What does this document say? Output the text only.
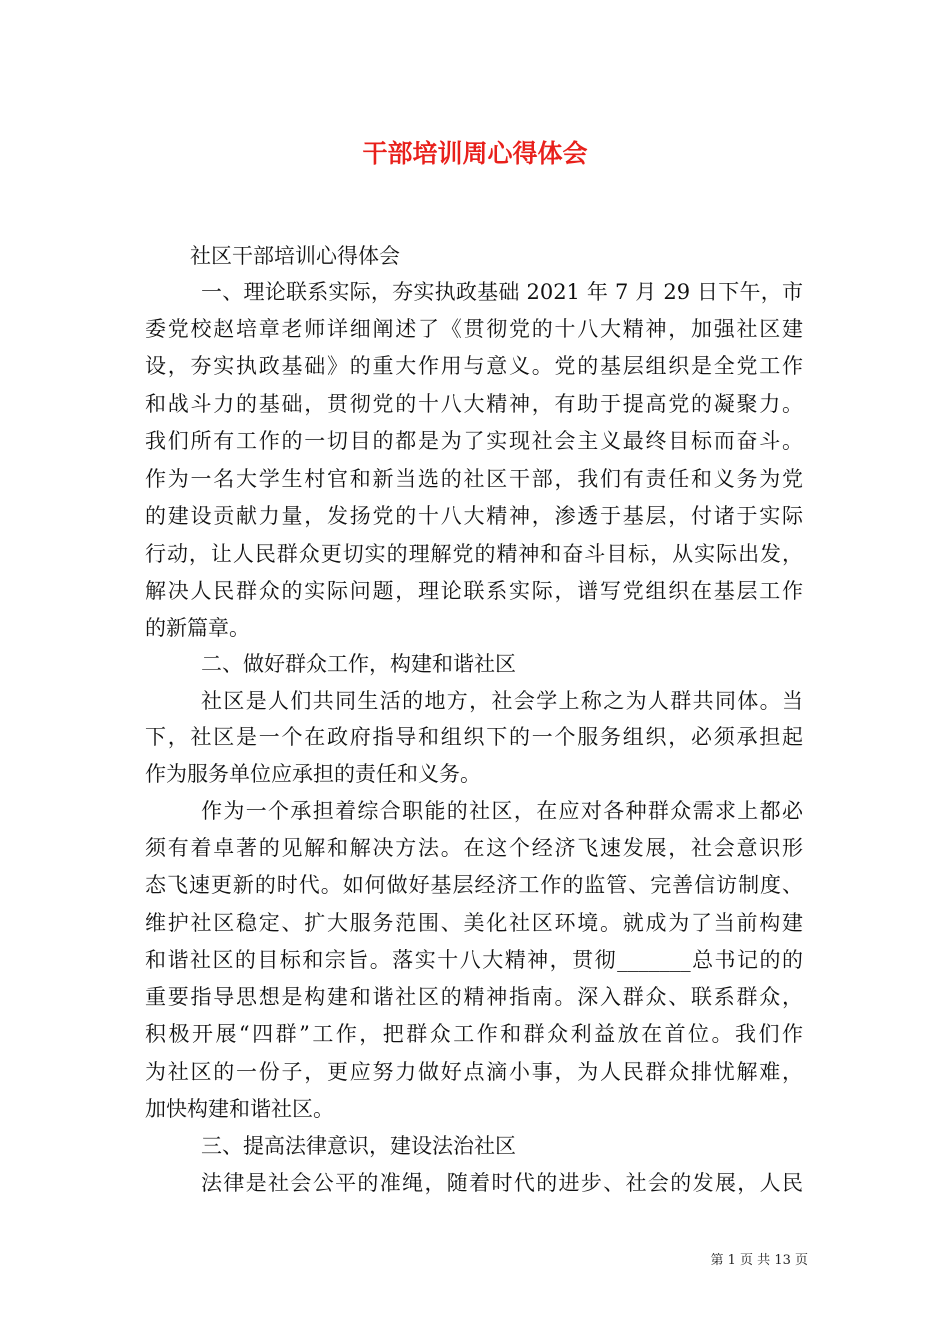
干部培训周心得体会
社区干部培训心得体会
一、理论联系实际，夯实执政基础 2021 年 7 月 29 日下午，市
委党校赵培章老师详细阐述了《贯彻党的十八大精神，加强社区建
设，夯实执政基础》的重大作用与意义。党的基层组织是全党工作
和战斗力的基础，贯彻党的十八大精神，有助于提高党的凝聚力。
我们所有工作的一切目的都是为了实现社会主义最终目标而奋斗。
作为一名大学生村官和新当选的社区干部，我们有责任和义务为党
的建设贡献力量，发扬党的十八大精神，渗透于基层，付诸于实际
行动，让人民群众更切实的理解党的精神和奋斗目标，从实际出发，
解决人民群众的实际问题，理论联系实际，谱写党组织在基层工作
的新篇章。
二、做好群众工作，构建和谐社区
社区是人们共同生活的地方，社会学上称之为人群共同体。当
下，社区是一个在政府指导和组织下的一个服务组织，必须承担起
作为服务单位应承担的责任和义务。
作为一个承担着综合职能的社区，在应对各种群众需求上都必
须有着卓著的见解和解决方法。在这个经济飞速发展，社会意识形
态飞速更新的时代。如何做好基层经济工作的监管、完善信访制度、
维护社区稳定、扩大服务范围、美化社区环境。就成为了当前构建
和谐社区的目标和宗旨。落实十八大精神，贯彻_______总书记的的
重要指导思想是构建和谐社区的精神指南。深入群众、联系群众，
积极开展“四群”工作，把群众工作和群众利益放在首位。我们作
为社区的一份子，更应努力做好点滴小事，为人民群众排忧解难，
加快构建和谐社区。
三、提高法律意识，建设法治社区
法律是社会公平的准绳，随着时代的进步、社会的发展，人民
第 1 页 共 13 页
